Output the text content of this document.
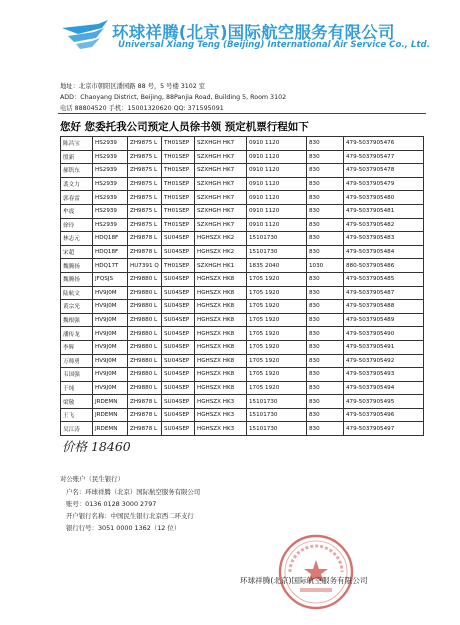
环球祥腾(北京)国际航空服务有限公司
Universal Xiang Teng (Beijing) International Air Service Co., Ltd.
地址：北京市朝阳区潘园路 88 号，5 号楼 3102 室
ADD：Chaoyang District, Beijing, 88Panjia Road, Building 5, Room 3102
电话 88804520 手机：15001320620 QQ: 371595091
您好 您委托我公司预定人员徐书领 预定机票行程如下
陈昌宝	HS2939	ZH9875 L	TH01SEP	SZXHGH HK7	0910 1120	830	479-5037905476
殷新	HS2939	ZH9875 L	TH01SEP	SZXHGH HK7	0910 1120	830	479-5037905477
郝钒东	HS2939	ZH9875 L	TH01SEP	SZXHGH HK7	0910 1120	830	479-5037905478
裴文力	HS2939	ZH9875 L	TH01SEP	SZXHGH HK7	0910 1120	830	479-5037905479
郭春雷	HS2939	ZH9875 L	TH01SEP	SZXHGH HK7	0910 1120	830	479-5037905480
牟震	HS2939	ZH9875 L	TH01SEP	SZXHGH HK7	0910 1120	830	479-5037905481
徐玲	HS2939	ZH9875 L	TH01SEP	SZXHGH HK7	0910 1120	830	479-5037905482
林志元	HDQ18F	ZH9878 L	SU04SEP	HGHSZX HK2	15101730	830	479-5037905483
宋超	HDQ18F	ZH9878 L	SU04SEP	HGHSZX HK2	15101730	830	479-5037905484
魏腾扬	HDQ17T	HU7391 Q	TH01SEP	SZXHGH HK1	1835 2040	1030	880-5037905486
魏腾扬	JFQSJS	ZH9880 L	SU04SEP	HGHSZX HK8	1705 1920	830	479-5037905485
陆航文	HV9J0M	ZH9880 L	SU04SEP	HGHSZX HK8	1705 1920	830	479-5037905487
黄宗光	HV9J0M	ZH9880 L	SU04SEP	HGHSZX HK8	1705 1920	830	479-5037905488
魏根强	HV9J0M	ZH9880 L	SU04SEP	HGHSZX HK8	1705 1920	830	479-5037905489
潘传龙	HV9J0M	ZH9880 L	SU04SEP	HGHSZX HK8	1705 1920	830	479-5037905490
李辉	HV9J0M	ZH9880 L	SU04SEP	HGHSZX HK8	1705 1920	830	479-5037905491
万师勇	HV9J0M	ZH9880 L	SU04SEP	HGHSZX HK8	1705 1920	830	479-5037905492
韦国强	HV9J0M	ZH9880 L	SU04SEP	HGHSZX HK8	1705 1920	830	479-5037905493
于纯	HV9J0M	ZH9880 L	SU04SEP	HGHSZX HK8	1705 1920	830	479-5037905494
梁敬	JRDEMN	ZH9878 L	SU04SEP	HGHSZX HK3	15101730	830	479-5037905495
王飞	JRDEMN	ZH9878 L	SU04SEP	HGHSZX HK3	15101730	830	479-5037905496
吴江涛	JRDEMN	ZH9878 L	SU04SEP	HGHSZX HK3	15101730	830	479-5037905497
价格 18460
对公账户（民生银行）
户名：环球祥腾（北京）国际航空服务有限公司
账号：0136 0128 3000 2797
开户银行名称：中国民生银行北京西二环支行
银行行号：3051 0000 1362（12 位）
环球祥腾(北京)国际航空服务有限公司
